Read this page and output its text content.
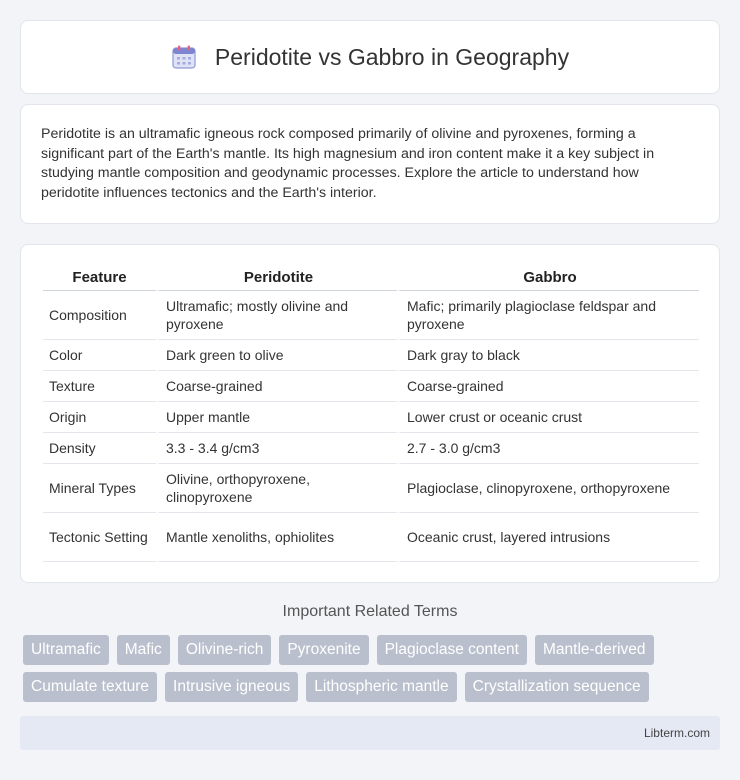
Peridotite vs Gabbro in Geography

Peridotite is an ultramafic igneous rock composed primarily of olivine and pyroxenes, forming a significant part of the Earth's mantle. Its high magnesium and iron content make it a key subject in studying mantle composition and geodynamic processes. Explore the article to understand how peridotite influences tectonics and the Earth's interior.

Feature	Peridotite	Gabbro
Composition	Ultramafic; mostly olivine and pyroxene	Mafic; primarily plagioclase feldspar and pyroxene
Color	Dark green to olive	Dark gray to black
Texture	Coarse-grained	Coarse-grained
Origin	Upper mantle	Lower crust or oceanic crust
Density	3.3 - 3.4 g/cm3	2.7 - 3.0 g/cm3
Mineral Types	Olivine, orthopyroxene, clinopyroxene	Plagioclase, clinopyroxene, orthopyroxene
Tectonic Setting	Mantle xenoliths, ophiolites	Oceanic crust, layered intrusions
Important Related Terms
Ultramafic	Mafic	Olivine-rich	Pyroxenite	Plagioclase content	Mantle-derived
Cumulate texture	Intrusive igneous	Lithospheric mantle	Crystallization sequence
Libterm.com
